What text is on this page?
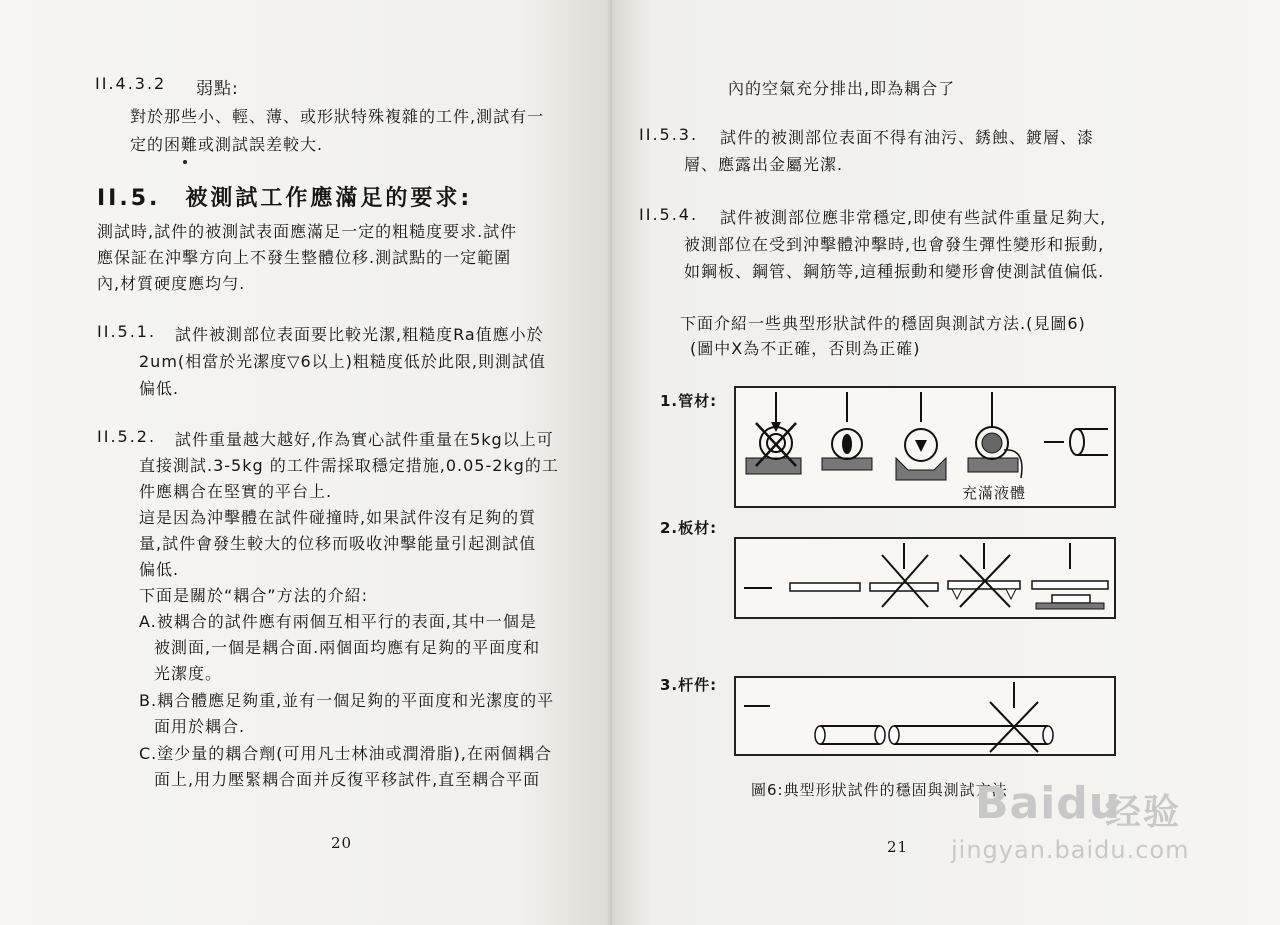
II.4.3.2 弱點:
對於那些小、輕、薄、或形狀特殊複雜的工件,測試有一
定的困難或測試誤差較大.
II.5.　被測試工作應滿足的要求:
測試時,試件的被測試表面應滿足一定的粗糙度要求.試件
應保証在沖擊方向上不發生整體位移.測試點的一定範圍
內,材質硬度應均勻.
II.5.1. 試件被測部位表面要比較光潔,粗糙度Ra值應小於
2um(相當於光潔度▽6以上)粗糙度低於此限,則測試值
偏低.
II.5.2. 試件重量越大越好,作為實心試件重量在5kg以上可
直接測試.3-5kg 的工件需採取穩定措施,0.05-2kg的工
件應耦合在堅實的平台上.
這是因為沖擊體在試件碰撞時,如果試件沒有足夠的質
量,試件會發生較大的位移而吸收沖擊能量引起測試值
偏低.
下面是關於“耦合”方法的介紹:
A.被耦合的試件應有兩個互相平行的表面,其中一個是
被測面,一個是耦合面.兩個面均應有足夠的平面度和
光潔度。
B.耦合體應足夠重,並有一個足夠的平面度和光潔度的平
面用於耦合.
C.塗少量的耦合劑(可用凡士林油或潤滑脂),在兩個耦合
面上,用力壓緊耦合面并反復平移試件,直至耦合平面
20
內的空氣充分排出,即為耦合了
II.5.3. 試件的被測部位表面不得有油污、銹蝕、鍍層、漆
層、應露出金屬光潔.
II.5.4. 試件被測部位應非常穩定,即使有些試件重量足夠大,
被測部位在受到沖擊體沖擊時,也會發生彈性變形和振動,
如鋼板、鋼管、鋼筋等,這種振動和變形會使測試值偏低.
下面介紹一些典型形狀試件的穩固與測試方法.(見圖6)
(圖中X為不正確，否則為正確)
1.管材:
充滿液體
2.板材:
3.杆件:
圖6:典型形狀試件的穩固與測試方法
21
Baidu
经验
jingyan.baidu.com
